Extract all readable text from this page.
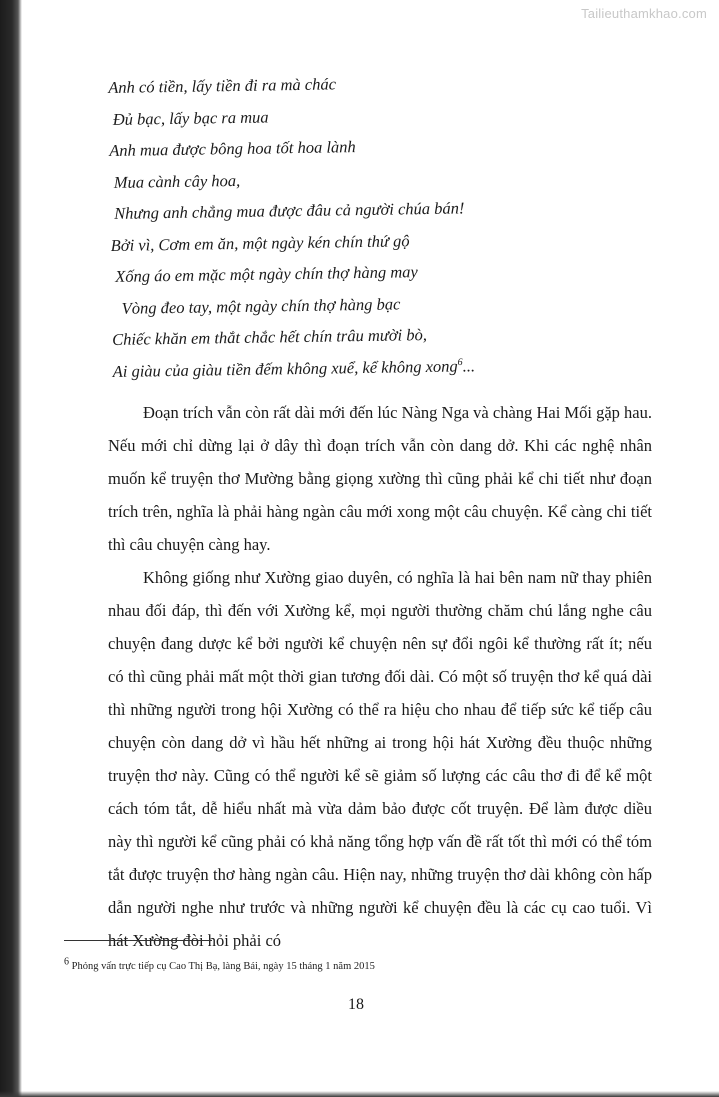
Tailieuthamkhao.com
Anh có tiền, lấy tiền đi ra mà chác
Đủ bạc, lấy bạc ra mua
Anh mua được bông hoa tốt hoa lành
Mua cành cây hoa,
Nhưng anh chẳng mua được đâu cả người chúa bán!
Bởi vì, Cơm em ăn, một ngày kén chín thứ gộ
Xống áo em mặc một ngày chín thợ hàng may
Vòng đeo tay, một ngày chín thợ hàng bạc
Chiếc khăn em thắt chắc hết chín trâu mười bò,
Ai giàu của giàu tiền đếm không xuể, kể không xong$^6$...

Đoạn trích vẫn còn rất dài mới đến lúc Nàng Nga và chàng Hai Mối gặp hau. Nếu mới chỉ dừng lại ở dây thì đoạn trích vẫn còn dang dở. Khi các nghệ nhân muốn kể truyện thơ Mường bằng giọng xường thì cũng phải kể chi tiết như đoạn trích trên, nghĩa là phải hàng ngàn câu mới xong một câu chuyện. Kể càng chi tiết thì câu chuyện càng hay.

Không giống như Xường giao duyên, có nghĩa là hai bên nam nữ thay phiên nhau đối đáp, thì đến với Xường kể, mọi người thường chăm chú lắng nghe câu chuyện đang dược kể bởi người kể chuyện nên sự đổi ngôi kể thường rất ít; nếu có thì cũng phải mất một thời gian tương đối dài. Có một số truyện thơ kể quá dài thì những người trong hội Xường có thể ra hiệu cho nhau để tiếp sức kể tiếp câu chuyện còn dang dở vì hầu hết những ai trong hội hát Xường đều thuộc những truyện thơ này. Cũng có thể người kể sẽ giảm số lượng các câu thơ đi để kể một cách tóm tắt, dễ hiểu nhất mà vừa dảm bảo được cốt truyện. Để làm được diều này thì người kể cũng phải có khả năng tổng hợp vấn đề rất tốt thì mới có thể tóm tắt được truyện thơ hàng ngàn câu. Hiện nay, những truyện thơ dài không còn hấp dẫn người nghe như trước và những người kể chuyện đều là các cụ cao tuổi. Vì hát Xường đòi hỏi phải có

$^6$ Phỏng vấn trực tiếp cụ Cao Thị Bạ, làng Bái, ngày 15 tháng 1 năm 2015
18
